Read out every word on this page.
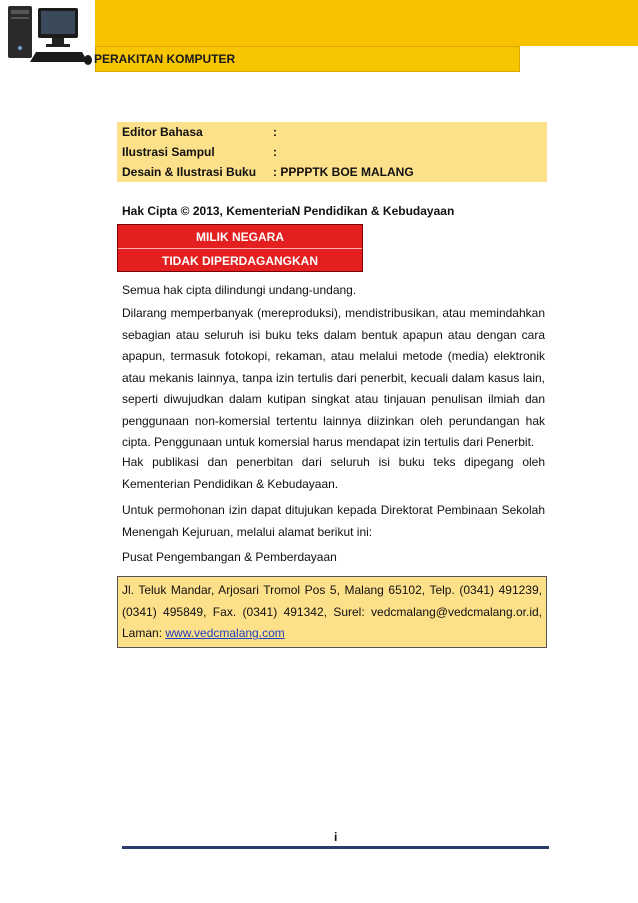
PERAKITAN KOMPUTER
Editor Bahasa	:
Ilustrasi Sampul	:
Desain & Ilustrasi Buku	: PPPPTK BOE MALANG
Hak Cipta © 2013, KementeriaN Pendidikan & Kebudayaan
MILIK NEGARA
TIDAK DIPERDAGANGKAN

Semua hak cipta dilindungi undang-undang.

Dilarang memperbanyak (mereproduksi), mendistribusikan, atau memindahkan sebagian atau seluruh isi buku teks dalam bentuk apapun atau dengan cara apapun, termasuk fotokopi, rekaman, atau melalui metode (media) elektronik atau mekanis lainnya, tanpa izin tertulis dari penerbit, kecuali dalam kasus lain, seperti diwujudkan dalam kutipan singkat atau tinjauan penulisan ilmiah dan penggunaan non-komersial tertentu lainnya diizinkan oleh perundangan hak cipta. Penggunaan untuk komersial harus mendapat izin tertulis dari Penerbit.

Hak publikasi dan penerbitan dari seluruh isi buku teks dipegang oleh Kementerian Pendidikan & Kebudayaan.

Untuk permohonan izin dapat ditujukan kepada Direktorat Pembinaan Sekolah Menengah Kejuruan, melalui alamat berikut ini:

Pusat Pengembangan & Pemberdayaan

Jl. Teluk Mandar, Arjosari Tromol Pos 5, Malang 65102, Telp. (0341) 491239, (0341) 495849, Fax. (0341) 491342, Surel: vedcmalang@vedcmalang.or.id, Laman: www.vedcmalang.com
i
